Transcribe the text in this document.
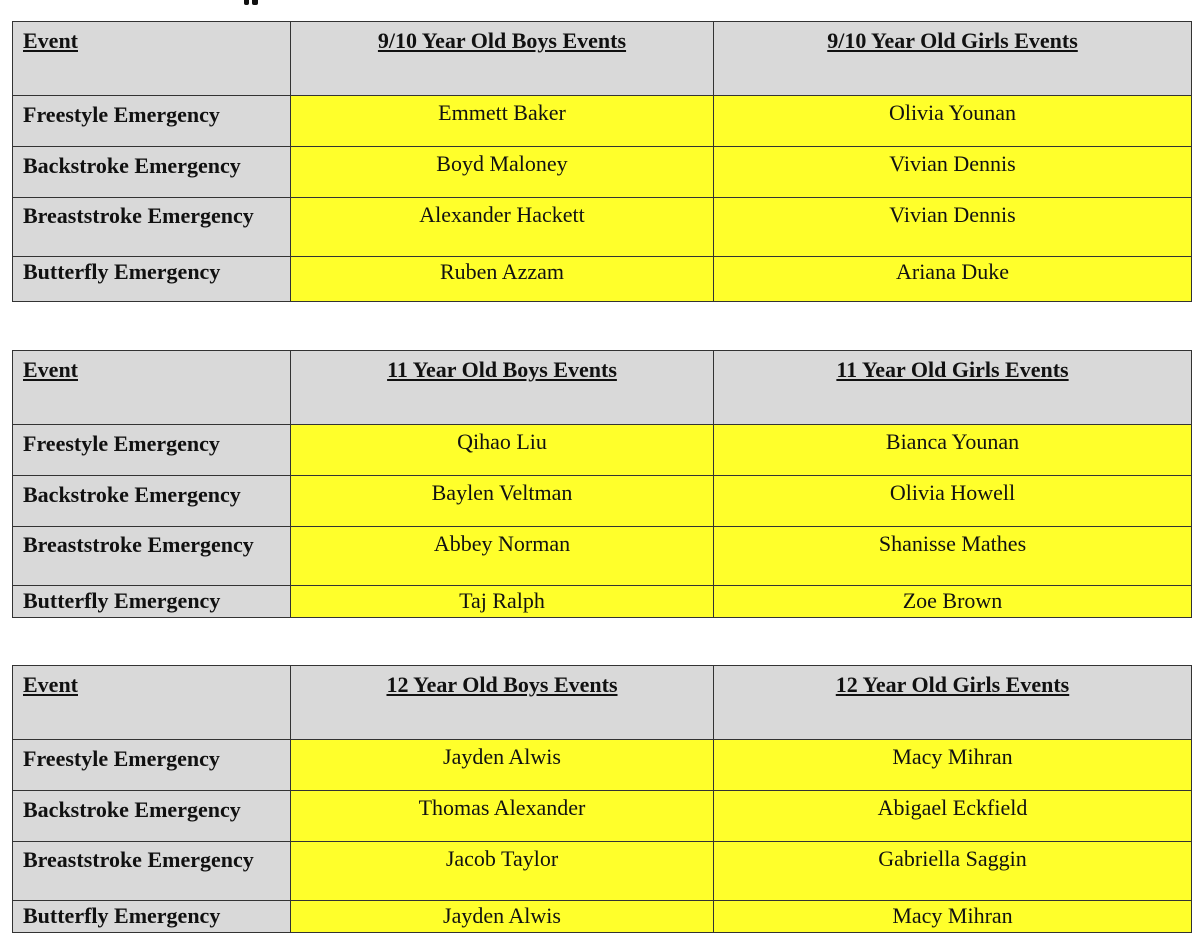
Event	9/10 Year Old Boys Events	9/10 Year Old Girls Events

Freestyle Emergency	Emmett Baker	Olivia Younan

Backstroke Emergency	Boyd Maloney	Vivian Dennis

Breaststroke Emergency	Alexander Hackett	Vivian Dennis

Butterfly Emergency	Ruben Azzam	Ariana Duke
Event	11 Year Old Boys Events	11 Year Old Girls Events

Freestyle Emergency	Qihao Liu	Bianca Younan

Backstroke Emergency	Baylen Veltman	Olivia Howell

Breaststroke Emergency	Abbey Norman	Shanisse Mathes

Butterfly Emergency	Taj Ralph	Zoe Brown
Event	12 Year Old Boys Events	12 Year Old Girls Events

Freestyle Emergency	Jayden Alwis	Macy Mihran

Backstroke Emergency	Thomas Alexander	Abigael Eckfield

Breaststroke Emergency	Jacob Taylor	Gabriella Saggin

Butterfly Emergency	Jayden Alwis	Macy Mihran
